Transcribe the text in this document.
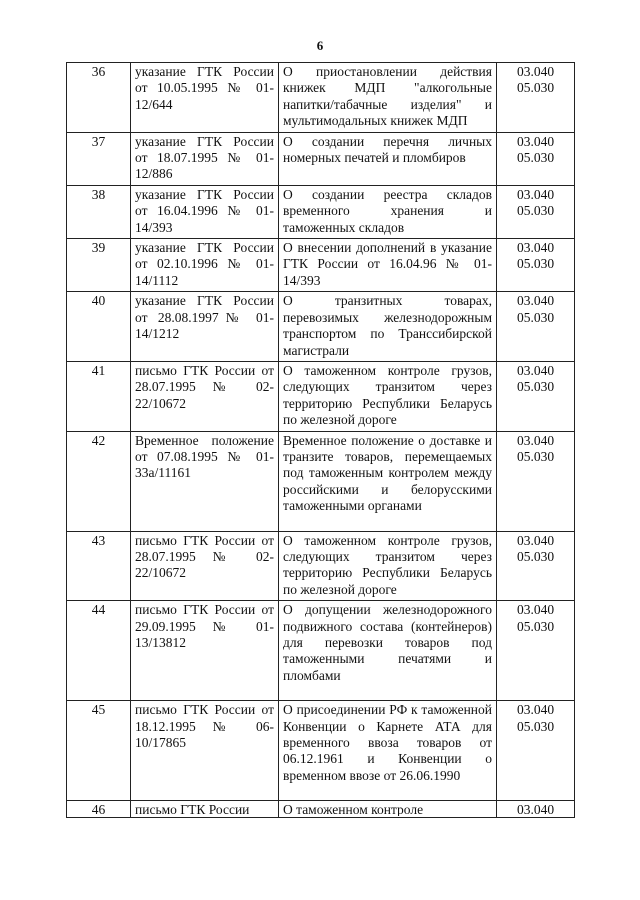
6
36	указание ГТК России от 10.05.1995 № 01-12/644	О приостановлении действия книжек МДП "алкогольные напитки/табачные изделия" и мультимодальных книжек МДП	03.040
05.030

37	указание ГТК России от 18.07.1995 № 01-12/886	О создании перечня личных номерных печатей и пломбиров	03.040
05.030

38	указание ГТК России от 16.04.1996 № 01-14/393	О создании реестра складов временного хранения и таможенных складов	03.040
05.030

39	указание ГТК России от 02.10.1996 № 01-14/1112	О внесении дополнений в указание ГТК России от 16.04.96 № 01-14/393	03.040
05.030

40	указание ГТК России от 28.08.1997№ 01-14/1212	О транзитных товарах, перевозимых железнодорожным транспортом по Транссибирской магистрали	03.040
05.030

41	письмо ГТК России от 28.07.1995 № 02-22/10672	О таможенном контроле грузов, следующих транзитом через территорию Республики Беларусь по железной дороге	03.040
05.030

42	Временное положение от 07.08.1995 № 01-33а/11161	Временное положение о доставке и транзите товаров, перемещаемых под таможенным контролем между российскими и белорусскими таможенными органами	03.040
05.030

43	письмо ГТК России от 28.07.1995 № 02-22/10672	О таможенном контроле грузов, следующих транзитом через территорию Республики Беларусь по железной дороге	03.040
05.030

44	письмо ГТК России от 29.09.1995 № 01-13/13812	О допущении железнодорожного подвижного состава (контейнеров) для перевозки товаров под таможенными печатями и пломбами	03.040
05.030

45	письмо ГТК России от 18.12.1995 № 06-10/17865	О присоединении РФ к таможенной Конвенции о Карнете АТА для временного ввоза товаров от 06.12.1961 и Конвенции о временном ввозе от 26.06.1990	03.040
05.030

46	письмо ГТК России	О таможенном контроле	03.040
